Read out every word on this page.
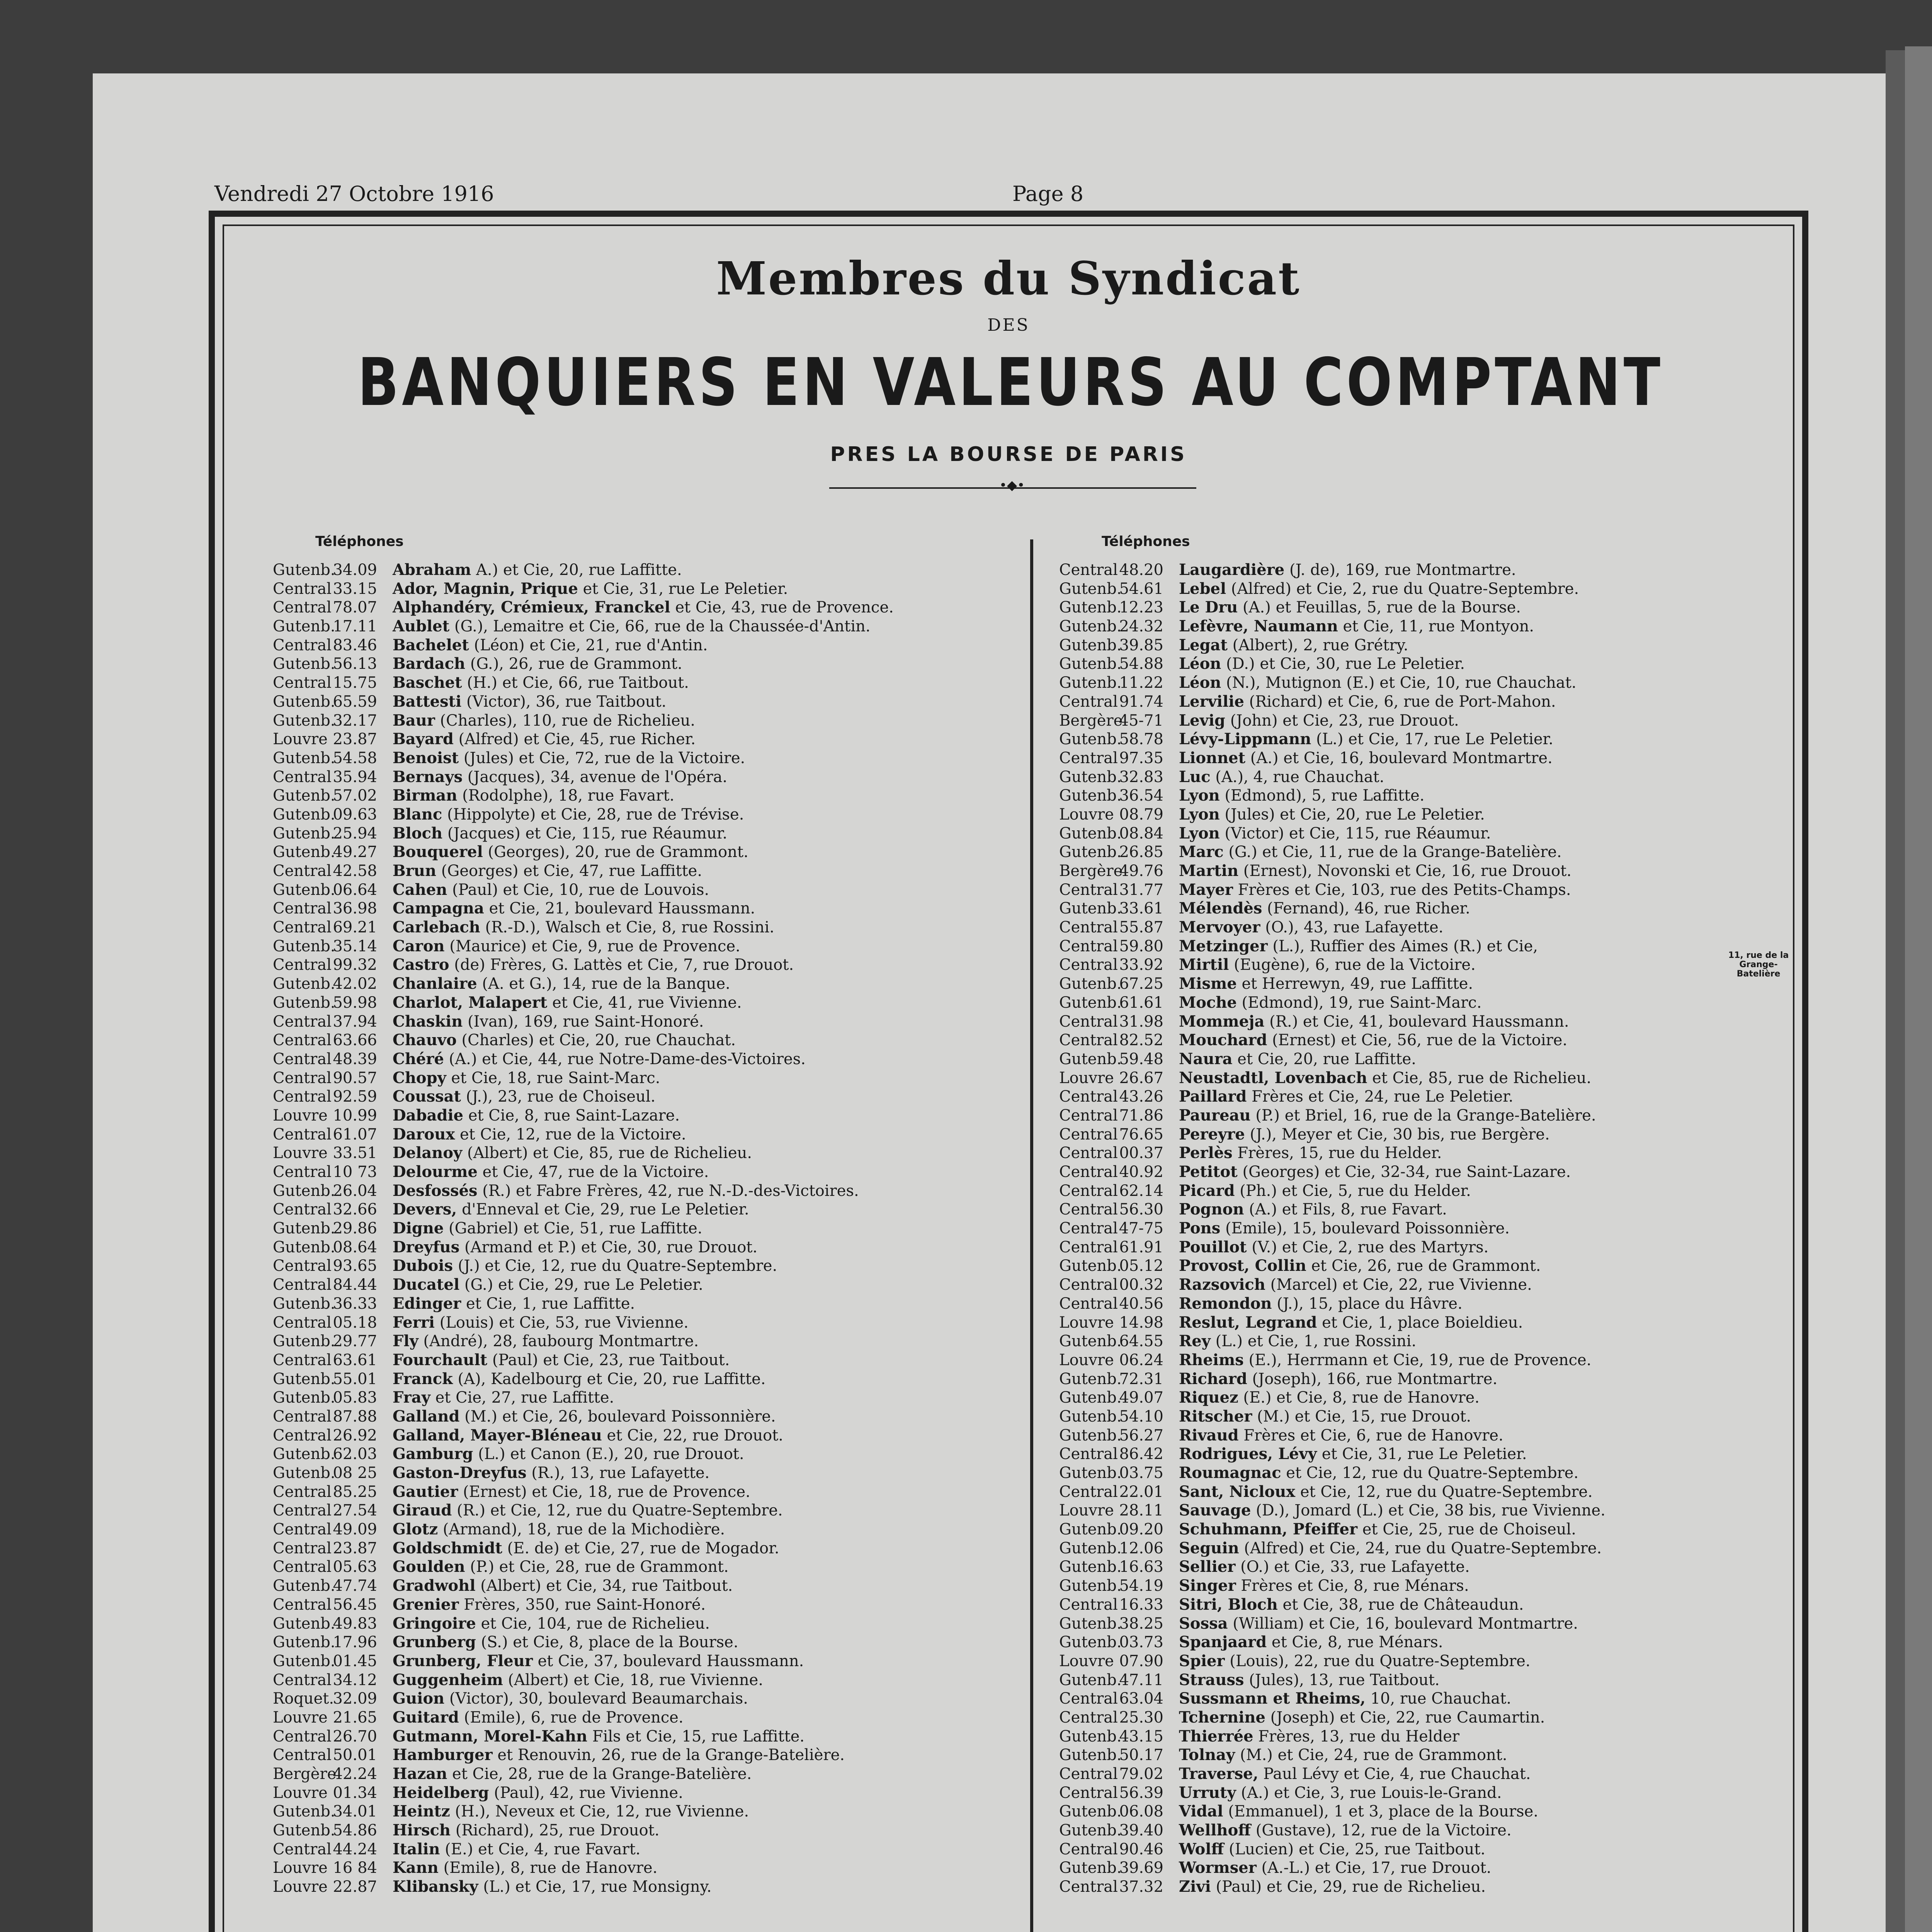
Vendredi 27 Octobre 1916	Page 8
Membres du Syndicat
DES
BANQUIERS EN VALEURS AU COMPTANT
PRES LA BOURSE DE PARIS
•◆•
Téléphones
Gutenb.
34.09 Abraham A.) et Cie, 20, rue Laffitte.
Central 33.15 Ador, Magnin, Prique et Cie, 31, rue Le Peletier.
Central 78.07 Alphandéry, Crémieux, Franckel et Cie, 43, rue de Provence.
Gutenb.
17.11 Aublet (G.), Lemaitre et Cie, 66, rue de la Chaussée-d'Antin.
Central 83.46 Bachelet (Léon) et Cie, 21, rue d'Antin.
Gutenb.
56.13 Bardach (G.), 26, rue de Grammont.
Central 15.75 Baschet (H.) et Cie, 66, rue Taitbout.
Gutenb.
65.59 Battesti (Victor), 36, rue Taitbout.
Gutenb.
32.17 Baur (Charles), 110, rue de Richelieu.
Louvre 23.87 Bayard (Alfred) et Cie, 45, rue Richer.
Gutenb.
54.58 Benoist (Jules) et Cie, 72, rue de la Victoire.
Central 35.94 Bernays (Jacques), 34, avenue de l'Opéra.
Gutenb.
57.02 Birman (Rodolphe), 18, rue Favart.
Gutenb.
09.63 Blanc (Hippolyte) et Cie, 28, rue de Trévise.
Gutenb.
25.94 Bloch (Jacques) et Cie, 115, rue Réaumur.
Gutenb.
49.27 Bouquerel (Georges), 20, rue de Grammont.
Central 42.58 Brun (Georges) et Cie, 47, rue Laffitte.
Gutenb.
06.64 Cahen (Paul) et Cie, 10, rue de Louvois.
Central 36.98 Campagna et Cie, 21, boulevard Haussmann.
Central 69.21 Carlebach (R.-D.), Walsch et Cie, 8, rue Rossini.
Gutenb.
35.14 Caron (Maurice) et Cie, 9, rue de Provence.
Central 99.32 Castro (de) Frères, G. Lattès et Cie, 7, rue Drouot.
Gutenb.
42.02 Chanlaire (A. et G.), 14, rue de la Banque.
Gutenb.
59.98 Charlot, Malapert et Cie, 41, rue Vivienne.
Central 37.94 Chaskin (Ivan), 169, rue Saint-Honoré.
Central 63.66 Chauvo (Charles) et Cie, 20, rue Chauchat.
Central 48.39 Chéré (A.) et Cie, 44, rue Notre-Dame-des-Victoires.
Central 90.57 Chopy et Cie, 18, rue Saint-Marc.
Central 92.59 Coussat (J.), 23, rue de Choiseul.
Louvre 10.99 Dabadie et Cie, 8, rue Saint-Lazare.
Central 61.07 Daroux et Cie, 12, rue de la Victoire.
Louvre 33.51 Delanoy (Albert) et Cie, 85, rue de Richelieu.
Central 10 73 Delourme et Cie, 47, rue de la Victoire.
Gutenb.
26.04 Desfossés (R.) et Fabre Frères, 42, rue N.-D.-des-Victoires.
Central 32.66 Devers, d'Enneval et Cie, 29, rue Le Peletier.
Gutenb.
29.86 Digne (Gabriel) et Cie, 51, rue Laffitte.
Gutenb.
08.64 Dreyfus (Armand et P.) et Cie, 30, rue Drouot.
Central 93.65 Dubois (J.) et Cie, 12, rue du Quatre-Septembre.
Central 84.44 Ducatel (G.) et Cie, 29, rue Le Peletier.
Gutenb.
36.33 Edinger et Cie, 1, rue Laffitte.
Central 05.18 Ferri (Louis) et Cie, 53, rue Vivienne.
Gutenb.
29.77 Fly (André), 28, faubourg Montmartre.
Central 63.61 Fourchault (Paul) et Cie, 23, rue Taitbout.
Gutenb.
55.01 Franck (A), Kadelbourg et Cie, 20, rue Laffitte.
Gutenb.
05.83 Fray et Cie, 27, rue Laffitte.
Central 87.88 Galland (M.) et Cie, 26, boulevard Poissonnière.
Central 26.92 Galland, Mayer-Bléneau et Cie, 22, rue Drouot.
Gutenb.
62.03 Gamburg (L.) et Canon (E.), 20, rue Drouot.
Gutenb.
08 25 Gaston-Dreyfus (R.), 13, rue Lafayette.
Central 85.25 Gautier (Ernest) et Cie, 18, rue de Provence.
Central 27.54 Giraud (R.) et Cie, 12, rue du Quatre-Septembre.
Central 49.09 Glotz (Armand), 18, rue de la Michodière.
Central 23.87 Goldschmidt (E. de) et Cie, 27, rue de Mogador.
Central 05.63 Goulden (P.) et Cie, 28, rue de Grammont.
Gutenb.
47.74 Gradwohl (Albert) et Cie, 34, rue Taitbout.
Central 56.45 Grenier Frères, 350, rue Saint-Honoré.
Gutenb.
49.83 Gringoire et Cie, 104, rue de Richelieu.
Gutenb.
17.96 Grunberg (S.) et Cie, 8, place de la Bourse.
Gutenb.
01.45 Grunberg, Fleur et Cie, 37, boulevard Haussmann.
Central 34.12 Guggenheim (Albert) et Cie, 18, rue Vivienne.
Roquet.
32.09 Guion (Victor), 30, boulevard Beaumarchais.
Louvre 21.65 Guitard (Emile), 6, rue de Provence.
Central 26.70 Gutmann, Morel-Kahn Fils et Cie, 15, rue Laffitte.
Central 50.01 Hamburger et Renouvin, 26, rue de la Grange-Batelière.
Bergère
42.24 Hazan et Cie, 28, rue de la Grange-Batelière.
Louvre 01.34 Heidelberg (Paul), 42, rue Vivienne.
Gutenb.
34.01 Heintz (H.), Neveux et Cie, 12, rue Vivienne.
Gutenb.
54.86 Hirsch (Richard), 25, rue Drouot.
Central 44.24 Italin (E.) et Cie, 4, rue Favart.
Louvre 16 84 Kann (Emile), 8, rue de Hanovre.
Louvre 22.87 Klibansky (L.) et Cie, 17, rue Monsigny.
Téléphones
Central 48.20 Laugardière (J. de), 169, rue Montmartre.
Gutenb.
54.61 Lebel (Alfred) et Cie, 2, rue du Quatre-Septembre.
Gutenb.
12.23 Le Dru (A.) et Feuillas, 5, rue de la Bourse.
Gutenb.
24.32 Lefèvre, Naumann et Cie, 11, rue Montyon.
Gutenb.
39.85 Legat (Albert), 2, rue Grétry.
Gutenb.
54.88 Léon (D.) et Cie, 30, rue Le Peletier.
Gutenb.
11.22 Léon (N.), Mutignon (E.) et Cie, 10, rue Chauchat.
Central 91.74 Lervilie (Richard) et Cie, 6, rue de Port-Mahon.
Bergère
45-71 Levig (John) et Cie, 23, rue Drouot.
Gutenb.
58.78 Lévy-Lippmann (L.) et Cie, 17, rue Le Peletier.
Central 97.35 Lionnet (A.) et Cie, 16, boulevard Montmartre.
Gutenb.
32.83 Luc (A.), 4, rue Chauchat.
Gutenb.
36.54 Lyon (Edmond), 5, rue Laffitte.
Louvre 08.79 Lyon (Jules) et Cie, 20, rue Le Peletier.
Gutenb.
08.84 Lyon (Victor) et Cie, 115, rue Réaumur.
Gutenb.
26.85 Marc (G.) et Cie, 11, rue de la Grange-Batelière.
Bergère
49.76 Martin (Ernest), Novonski et Cie, 16, rue Drouot.
Central 31.77 Mayer Frères et Cie, 103, rue des Petits-Champs.
Gutenb.
33.61 Mélendès (Fernand), 46, rue Richer.
Central 55.87 Mervoyer (O.), 43, rue Lafayette.
Central 59.80 Metzinger (L.), Ruffier des Aimes (R.) et Cie,
Central 33.92 Mirtil (Eugène), 6, rue de la Victoire.
Gutenb.
67.25 Misme et Herrewyn, 49, rue Laffitte.
Gutenb.
61.61 Moche (Edmond), 19, rue Saint-Marc.
Central 31.98 Mommeja (R.) et Cie, 41, boulevard Haussmann.
Central 82.52 Mouchard (Ernest) et Cie, 56, rue de la Victoire.
Gutenb.
59.48 Naura et Cie, 20, rue Laffitte.
Louvre 26.67 Neustadtl, Lovenbach et Cie, 85, rue de Richelieu.
Central 43.26 Paillard Frères et Cie, 24, rue Le Peletier.
Central 71.86 Paureau (P.) et Briel, 16, rue de la Grange-Batelière.
Central 76.65 Pereyre (J.), Meyer et Cie, 30 bis, rue Bergère.
Central 00.37 Perlès Frères, 15, rue du Helder.
Central 40.92 Petitot (Georges) et Cie, 32-34, rue Saint-Lazare.
Central 62.14 Picard (Ph.) et Cie, 5, rue du Helder.
Central 56.30 Pognon (A.) et Fils, 8, rue Favart.
Central 47-75 Pons (Emile), 15, boulevard Poissonnière.
Central 61.91 Pouillot (V.) et Cie, 2, rue des Martyrs.
Gutenb.
05.12 Provost, Collin et Cie, 26, rue de Grammont.
Central 00.32 Razsovich (Marcel) et Cie, 22, rue Vivienne.
Central 40.56 Remondon (J.), 15, place du Hâvre.
Louvre 14.98 Reslut, Legrand et Cie, 1, place Boieldieu.
Gutenb.
64.55 Rey (L.) et Cie, 1, rue Rossini.
Louvre 06.24 Rheims (E.), Herrmann et Cie, 19, rue de Provence.
Gutenb.
72.31 Richard (Joseph), 166, rue Montmartre.
Gutenb.
49.07 Riquez (E.) et Cie, 8, rue de Hanovre.
Gutenb.
54.10 Ritscher (M.) et Cie, 15, rue Drouot.
Gutenb.
56.27 Rivaud Frères et Cie, 6, rue de Hanovre.
Central 86.42 Rodrigues, Lévy et Cie, 31, rue Le Peletier.
Gutenb.
03.75 Roumagnac et Cie, 12, rue du Quatre-Septembre.
Central 22.01 Sant, Nicloux et Cie, 12, rue du Quatre-Septembre.
Louvre 28.11 Sauvage (D.), Jomard (L.) et Cie, 38 bis, rue Vivienne.
Gutenb.
09.20 Schuhmann, Pfeiffer et Cie, 25, rue de Choiseul.
Gutenb.
12.06 Seguin (Alfred) et Cie, 24, rue du Quatre-Septembre.
Gutenb.
16.63 Sellier (O.) et Cie, 33, rue Lafayette.
Gutenb.
54.19 Singer Frères et Cie, 8, rue Ménars.
Central 16.33 Sitri, Bloch et Cie, 38, rue de Châteaudun.
Gutenb.
38.25 Sossa (William) et Cie, 16, boulevard Montmartre.
Gutenb.
03.73 Spanjaard et Cie, 8, rue Ménars.
Louvre 07.90 Spier (Louis), 22, rue du Quatre-Septembre.
Gutenb.
47.11 Strauss (Jules), 13, rue Taitbout.
Central 63.04 Sussmann et Rheims, 10, rue Chauchat.
Central 25.30 Tchernine (Joseph) et Cie, 22, rue Caumartin.
Gutenb.
43.15 Thierrée Frères, 13, rue du Helder
Gutenb.
50.17 Tolnay (M.) et Cie, 24, rue de Grammont.
Central 79.02 Traverse, Paul Lévy et Cie, 4, rue Chauchat.
Central 56.39 Urruty (A.) et Cie, 3, rue Louis-le-Grand.
Gutenb.
06.08 Vidal (Emmanuel), 1 et 3, place de la Bourse.
Gutenb.
39.40 Wellhoff (Gustave), 12, rue de la Victoire.
Central 90.46 Wolff (Lucien) et Cie, 25, rue Taitbout.
Gutenb.
39.69 Wormser (A.-L.) et Cie, 17, rue Drouot.
Central 37.32 Zivi (Paul) et Cie, 29, rue de Richelieu.
11, rue de la
Grange-Batelière
